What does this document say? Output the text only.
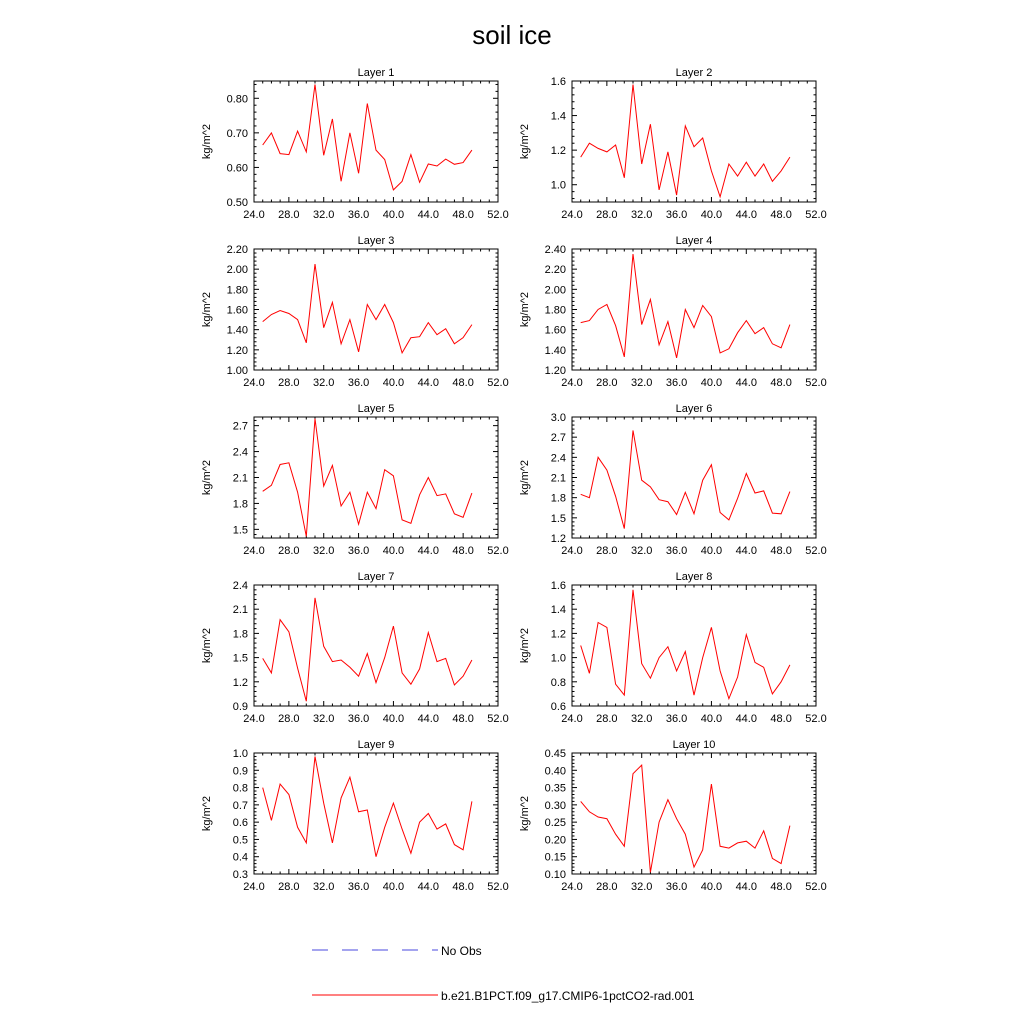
soil ice
Layer 1
kg/m^2
24.0 28.0 32.0 36.0 40.0 44.0 48.0 52.0
0.50
0.60
0.70
0.80
Layer 2
kg/m^2
24.0 28.0 32.0 36.0 40.0 44.0 48.0 52.0
1.0
1.2
1.4
1.6
Layer 3
kg/m^2
24.0 28.0 32.0 36.0 40.0 44.0 48.0 52.0
1.00
1.20
1.40
1.60
1.80
2.00
2.20
Layer 4
kg/m^2
24.0 28.0 32.0 36.0 40.0 44.0 48.0 52.0
1.20
1.40
1.60
1.80
2.00
2.20
2.40
Layer 5
kg/m^2
24.0 28.0 32.0 36.0 40.0 44.0 48.0 52.0
1.5
1.8
2.1
2.4
2.7
Layer 6
kg/m^2
24.0 28.0 32.0 36.0 40.0 44.0 48.0 52.0
1.2
1.5
1.8
2.1
2.4
2.7
3.0
Layer 7
kg/m^2
24.0 28.0 32.0 36.0 40.0 44.0 48.0 52.0
0.9
1.2
1.5
1.8
2.1
2.4
Layer 8
kg/m^2
24.0 28.0 32.0 36.0 40.0 44.0 48.0 52.0
0.6
0.8
1.0
1.2
1.4
1.6
Layer 9
kg/m^2
24.0 28.0 32.0 36.0 40.0 44.0 48.0 52.0
0.3
0.4
0.5
0.6
0.7
0.8
0.9
1.0
Layer 10
kg/m^2
24.0 28.0 32.0 36.0 40.0 44.0 48.0 52.0
0.10
0.15
0.20
0.25
0.30
0.35
0.40
0.45
No Obs
b.e21.B1PCT.f09_g17.CMIP6-1pctCO2-rad.001
